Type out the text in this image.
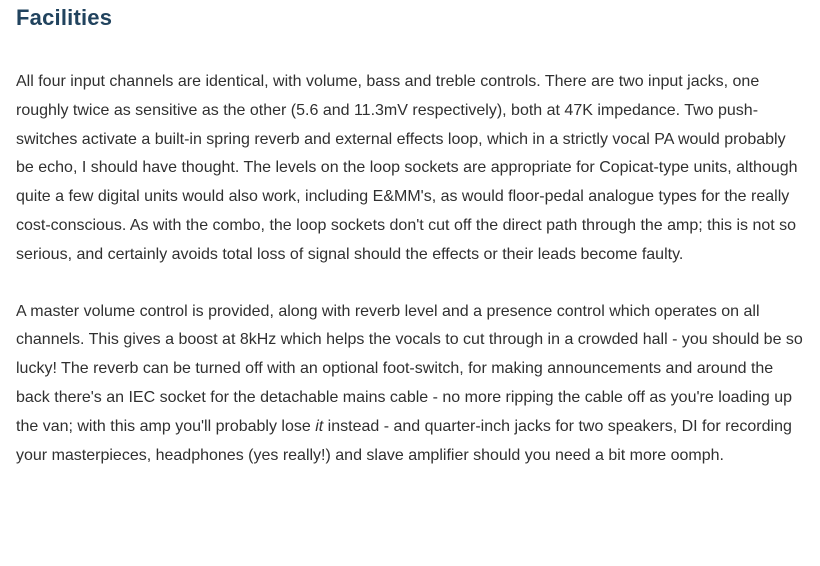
Facilities

All four input channels are identical, with volume, bass and treble controls. There are two input jacks, one roughly twice as sensitive as the other (5.6 and 11.3mV respectively), both at 47K impedance. Two push-switches activate a built-in spring reverb and external effects loop, which in a strictly vocal PA would probably be echo, I should have thought. The levels on the loop sockets are appropriate for Copicat-type units, although quite a few digital units would also work, including E&MM's, as would floor-pedal analogue types for the really cost-conscious. As with the combo, the loop sockets don't cut off the direct path through the amp; this is not so serious, and certainly avoids total loss of signal should the effects or their leads become faulty.

A master volume control is provided, along with reverb level and a presence control which operates on all channels. This gives a boost at 8kHz which helps the vocals to cut through in a crowded hall - you should be so lucky! The reverb can be turned off with an optional foot-switch, for making announcements and around the back there's an IEC socket for the detachable mains cable - no more ripping the cable off as you're loading up the van; with this amp you'll probably lose it instead - and quarter-inch jacks for two speakers, DI for recording your masterpieces, headphones (yes really!) and slave amplifier should you need a bit more oomph.
